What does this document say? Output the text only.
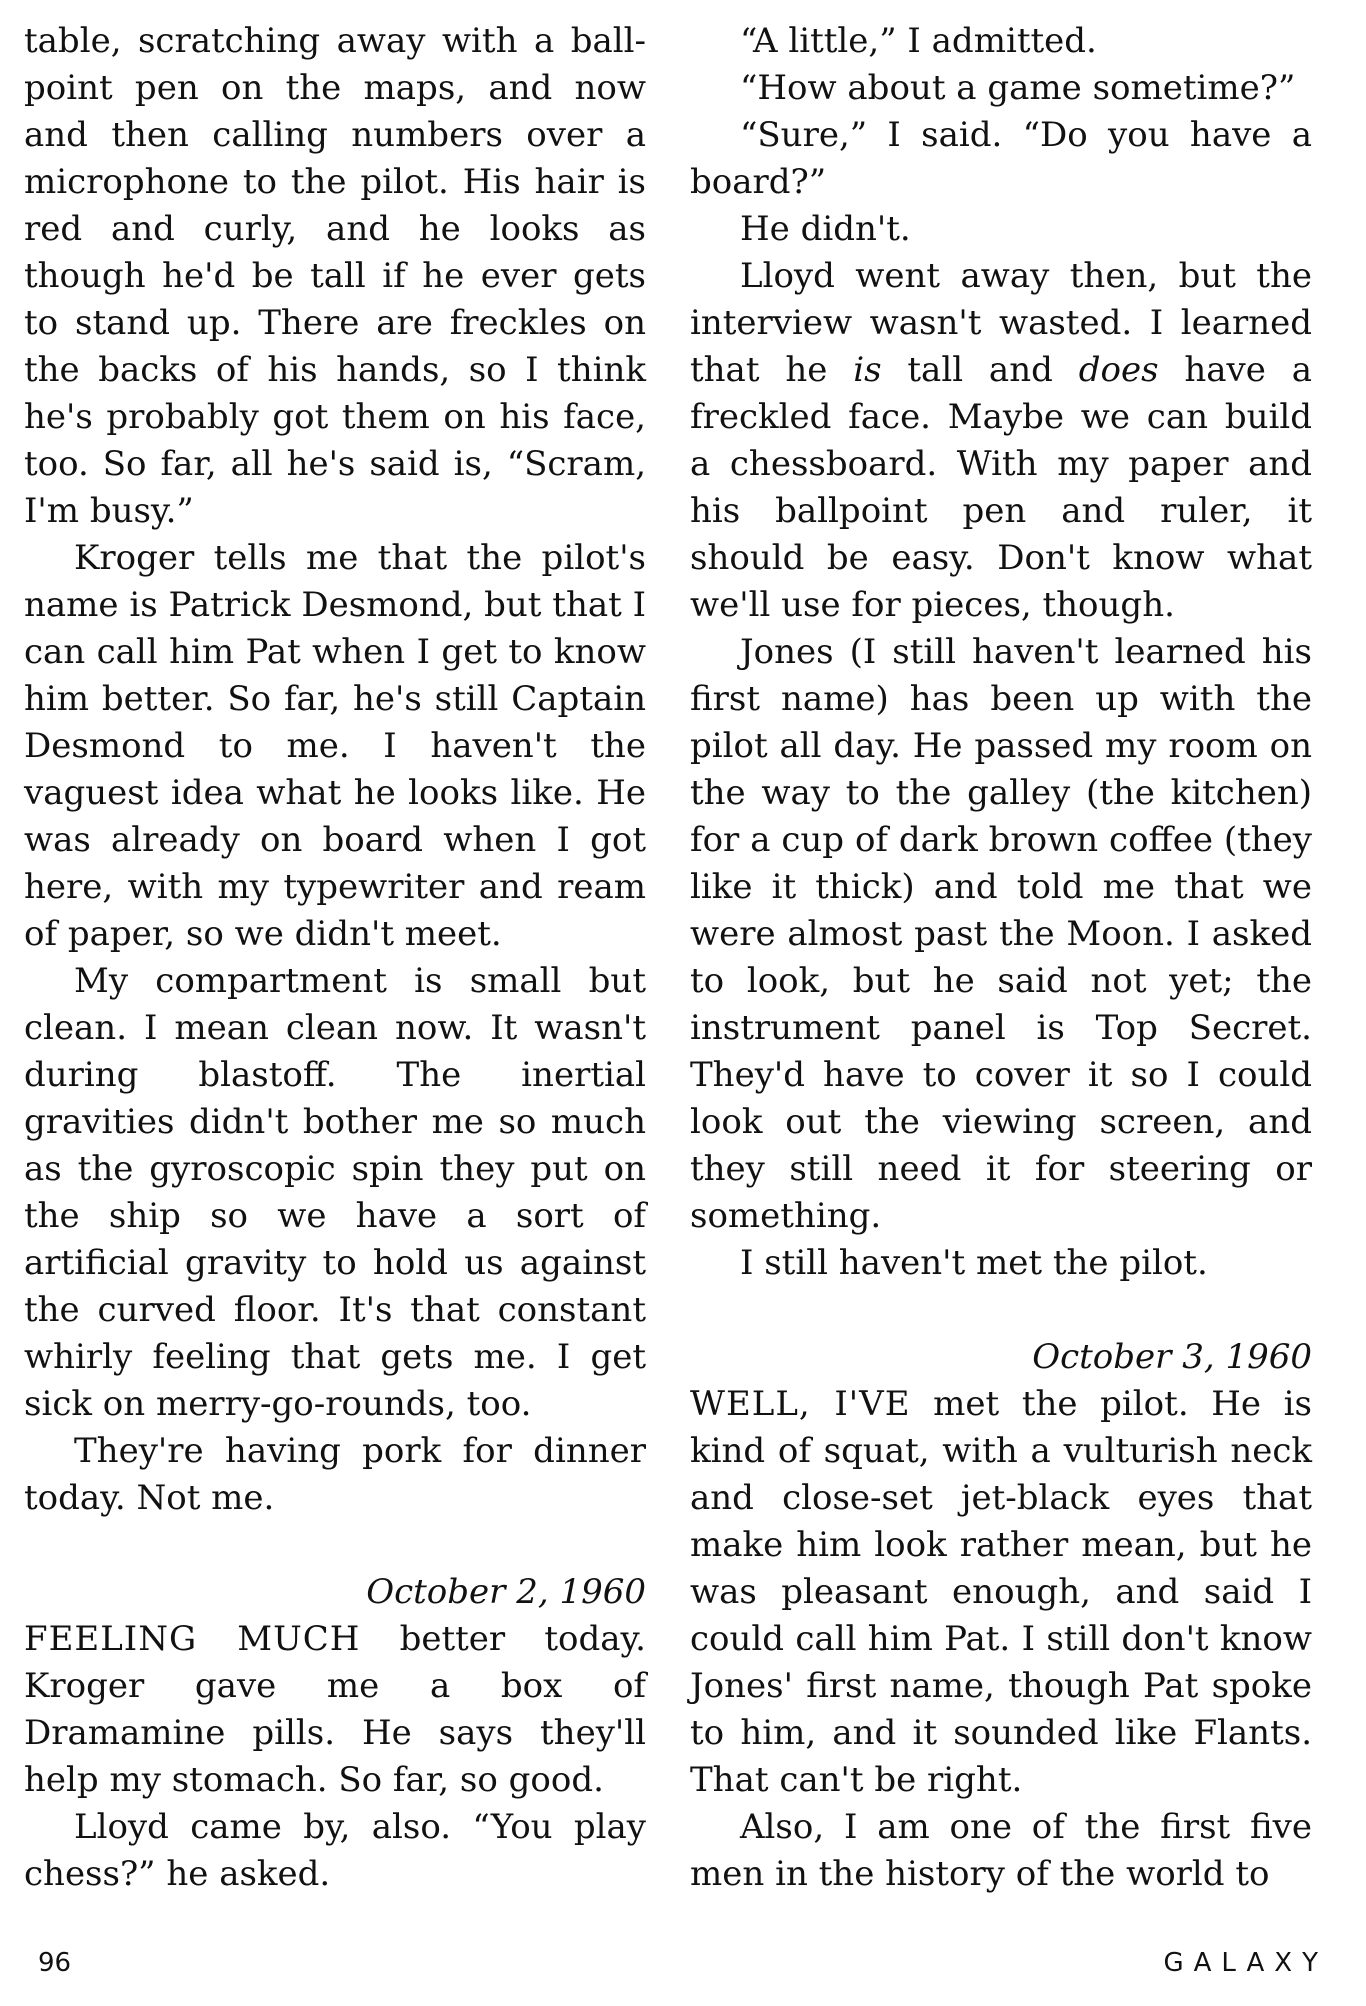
table, scratching away with a ball-point pen on the maps, and now and then calling numbers over a microphone to the pilot. His hair is red and curly, and he looks as though he'd be tall if he ever gets to stand up. There are freckles on the backs of his hands, so I think he's probably got them on his face, too. So far, all he's said is, “Scram, I'm busy.”

Kroger tells me that the pilot's name is Patrick Desmond, but that I can call him Pat when I get to know him better. So far, he's still Captain Desmond to me. I haven't the vaguest idea what he looks like. He was already on board when I got here, with my typewriter and ream of paper, so we didn't meet.

My compartment is small but clean. I mean clean now. It wasn't during blastoff. The inertial gravities didn't bother me so much as the gyroscopic spin they put on the ship so we have a sort of artificial gravity to hold us against the curved floor. It's that constant whirly feeling that gets me. I get sick on merry-go-rounds, too.

They're having pork for dinner today. Not me.

October 2, 1960

FEELING MUCH better today. Kroger gave me a box of Dramamine pills. He says they'll help my stomach. So far, so good.

Lloyd came by, also. “You play chess?” he asked.

“A little,” I admitted.

“How about a game sometime?”

“Sure,” I said. “Do you have a board?”

He didn't.

Lloyd went away then, but the interview wasn't wasted. I learned that he is tall and does have a freckled face. Maybe we can build a chessboard. With my paper and his ballpoint pen and ruler, it should be easy. Don't know what we'll use for pieces, though.

Jones (I still haven't learned his first name) has been up with the pilot all day. He passed my room on the way to the galley (the kitchen) for a cup of dark brown coffee (they like it thick) and told me that we were almost past the Moon. I asked to look, but he said not yet; the instrument panel is Top Secret. They'd have to cover it so I could look out the viewing screen, and they still need it for steering or something.

I still haven't met the pilot.

October 3, 1960

WELL, I'VE met the pilot. He is kind of squat, with a vulturish neck and close-set jet-black eyes that make him look rather mean, but he was pleasant enough, and said I could call him Pat. I still don't know Jones' first name, though Pat spoke to him, and it sounded like Flants. That can't be right.

Also, I am one of the first five men in the history of the world to

96	GALAXY
